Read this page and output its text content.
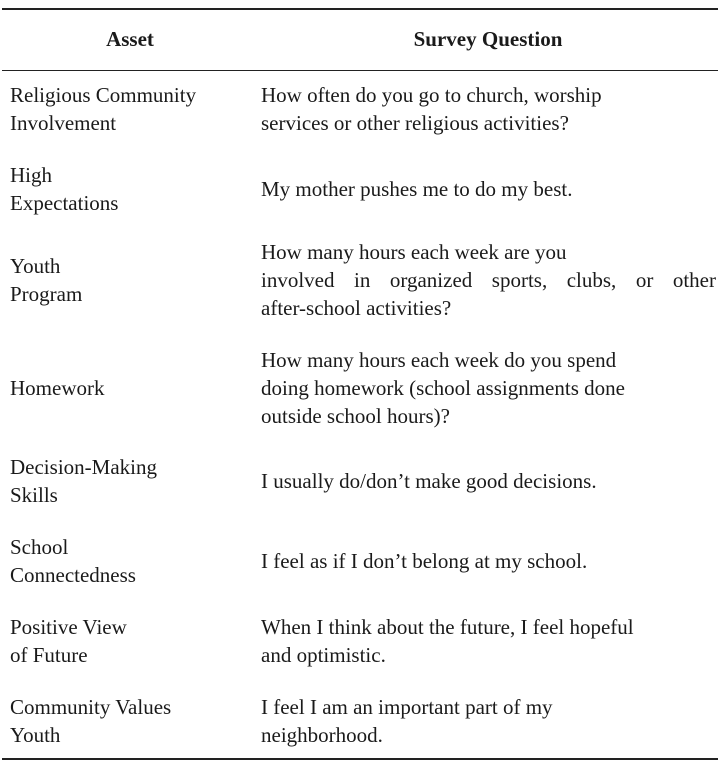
Asset	Survey Question
Religious Community
Involvement
How often do you go to church, worship
services or other religious activities?
High
Expectations
My mother pushes me to do my best.
Youth
Program
How many hours each week are you
involved in organized sports, clubs, or other
after-school activities?
Homework
How many hours each week do you spend
doing homework (school assignments done
outside school hours)?
Decision-Making
Skills
I usually do/don’t make good decisions.
School
Connectedness
I feel as if I don’t belong at my school.
Positive View
of Future
When I think about the future, I feel hopeful
and optimistic.
Community Values
Youth
I feel I am an important part of my
neighborhood.
